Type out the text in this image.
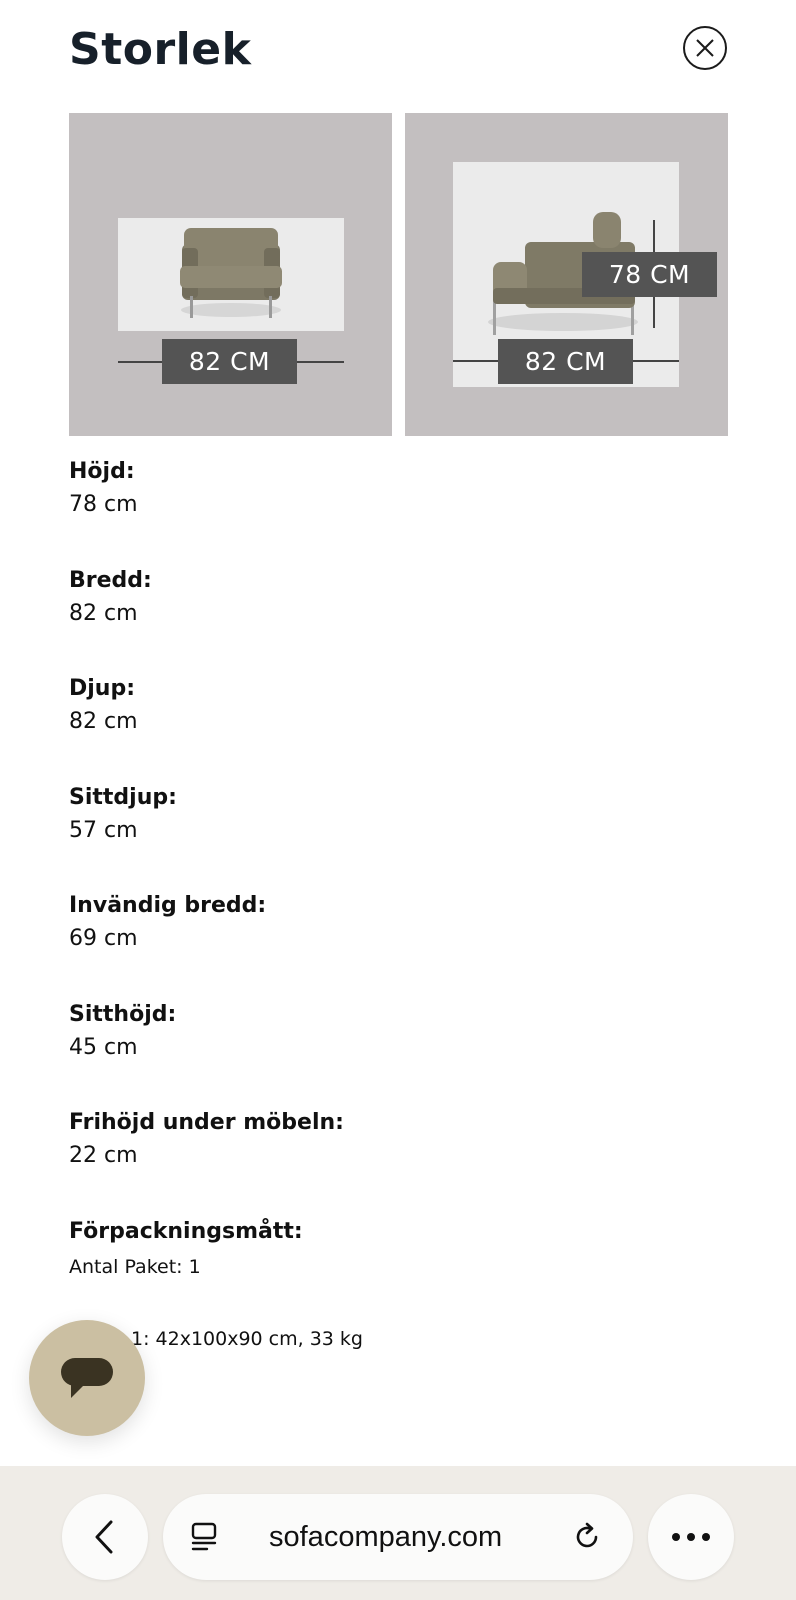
Storlek
82 CM	82 CM
78 CM
Höjd:
78 cm
Bredd:
82 cm
Djup:
82 cm
Sittdjup:
57 cm
Invändig bredd:
69 cm
Sitthöjd:
45 cm
Frihöjd under möbeln:
22 cm
Förpackningsmått:
Antal Paket: 1
1: 42x100x90 cm, 33 kg
sofacompany.com
